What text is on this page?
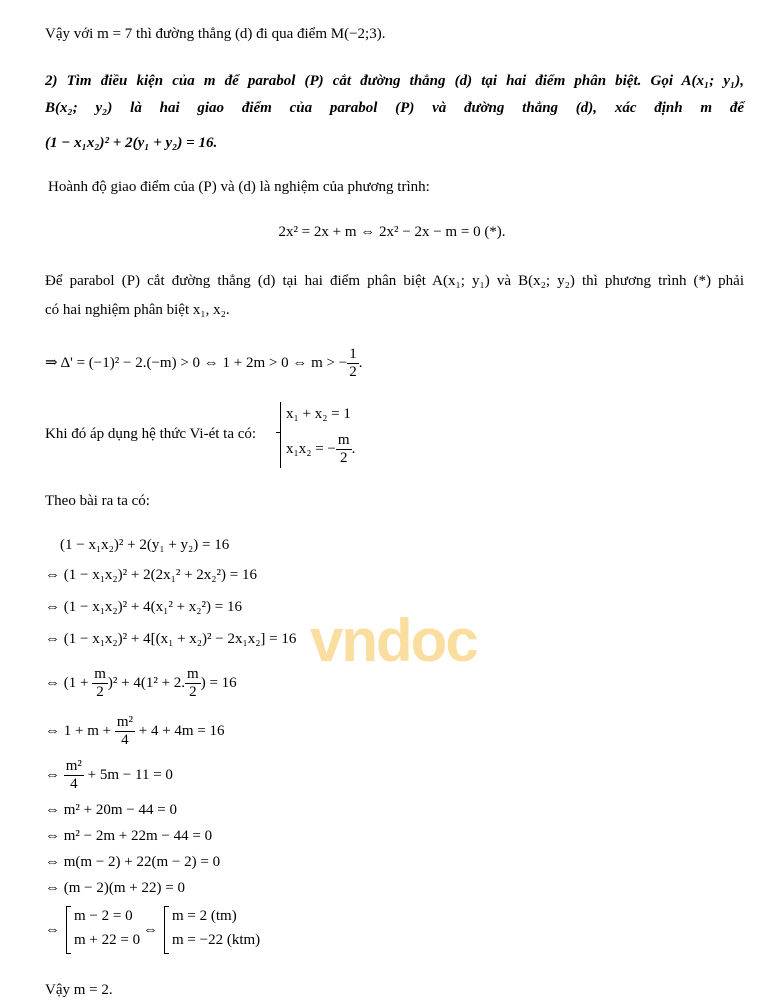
vndoc
Vậy với m = 7 thì đường thẳng (d) đi qua điểm M(−2;3).
2) Tìm điều kiện của m để parabol (P) cắt đường thẳng (d) tại hai điểm phân biệt. Gọi A(x₁; y₁),
B(x₂; y₂) là hai giao điểm của parabol (P) và đường thẳng (d), xác định m để
(1 − x₁x₂)² + 2(y₁ + y₂) = 16.
Hoành độ giao điểm của (P) và (d) là nghiệm của phương trình:
2x² = 2x + m ⇔ 2x² − 2x − m = 0 (*).
Để parabol (P) cắt đường thẳng (d) tại hai điểm phân biệt A(x₁; y₁) và B(x₂; y₂) thì phương trình (*) phải
có hai nghiệm phân biệt x₁, x₂.
⇒ Δ' = (−1)² − 2.(−m) > 0 ⇔ 1 + 2m > 0 ⇔ m > − $\frac{1}{2}$ .
Khi đó áp dụng hệ thức Vi-ét ta có:
x₁ + x₂ = 1
x₁x₂ = − $\frac{m}{2}$ .
Theo bài ra ta có:
(1 − x₁x₂)² + 2(y₁ + y₂) = 16
⇔ (1 − x₁x₂)² + 2(2x₁² + 2x₂²) = 16
⇔ (1 − x₁x₂)² + 4(x₁² + x₂²) = 16
⇔ (1 − x₁x₂)² + 4[(x₁ + x₂)² − 2x₁x₂] = 16
⇔ $(1 + \frac{m}{2} )^2 + 4(1^2 + 2$. $\frac{m}{2}$ ) = 16
⇔ $1 + m + \frac{\text{m²}}{4} + 4 + 4m = 16$
⇔ $\frac{\text{m²}}{4} + 5m - 11 = 0$
⇔ m² + 20m − 44 = 0
⇔ m² − 2m + 22m − 44 = 0
⇔ m(m − 2) + 22(m − 2) = 0
⇔ (m − 2)(m + 22) = 0
⇔
m − 2 = 0
m + 22 = 0
⇔
m = 2 (tm)
m = −22 (ktm)
Vậy m = 2.
